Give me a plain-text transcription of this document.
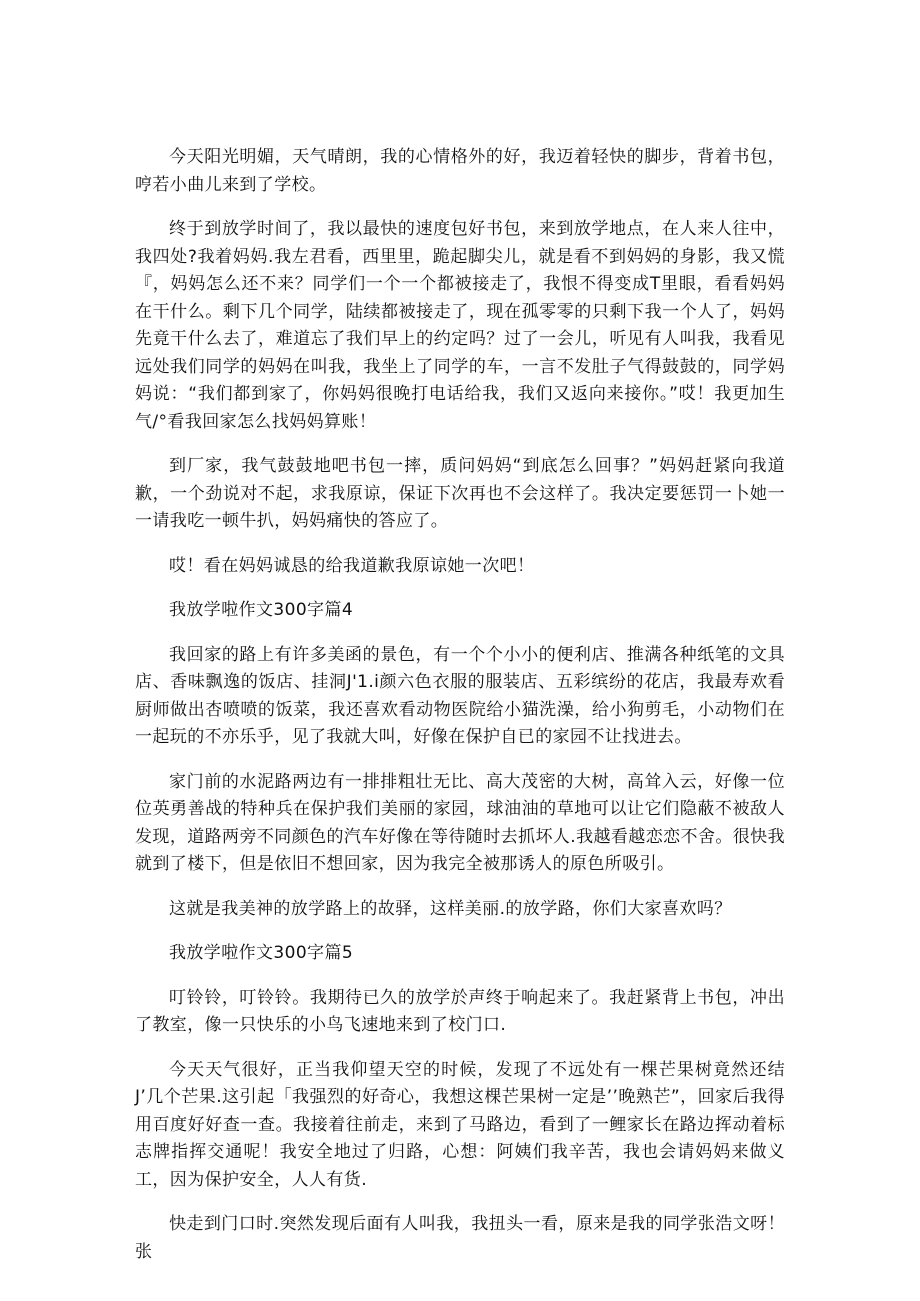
今天阳光明媚，天气晴朗，我的心情格外的好，我迈着轻快的脚步，背着书包，哼若小曲儿来到了学校。

终于到放学时间了，我以最快的速度包好书包，来到放学地点，在人来人往中，我四处?我着妈妈.我左君看，西里里，跪起脚尖儿，就是看不到妈妈的身影，我又慌『，妈妈怎么还不来？同学们一个一个都被接走了，我恨不得变成T里眼，看看妈妈在干什么。剩下几个同学，陆续都被接走了，现在孤零零的只剩下我一个人了，妈妈先竟干什么去了，难道忘了我们早上的约定吗？过了一会儿，听见有人叫我，我看见远处我们同学的妈妈在叫我，我坐上了同学的车，一言不发肚子气得鼓鼓的，同学妈妈说：“我们都到家了，你妈妈很晚打电话给我，我们又返向来接你。”哎！我更加生气/°看我回家怎么找妈妈算账！

到厂家，我气鼓鼓地吧书包一摔，质问妈妈“到底怎么回事？”妈妈赶紧向我道歉，一个劲说对不起，求我原谅，保证下次再也不会这样了。我决定要惩罚一卜她一一请我吃一顿牛扒，妈妈痛快的答应了。

哎！看在妈妈诚恳的给我道歉我原谅她一次吧！

我放学啦作文300字篇4

我回家的路上有许多美函的景色，有一个个小小的便利店、推满各种纸笔的文具店、香味飘逸的饭店、挂洞J'1.i颜六色衣服的服装店、五彩缤纷的花店，我最寿欢看厨师做出杏喷喷的饭菜，我还喜欢看动物医院给小猫洗澡，给小狗剪毛，小动物们在一起玩的不亦乐乎，见了我就大叫，好像在保护自已的家园不让找进去。

家门前的水泥路两边有一排排粗壮无比、高大茂密的大树，高耸入云，好像一位位英勇善战的特种兵在保护我们美丽的家园，球油油的草地可以让它们隐蔽不被敌人发现，道路两旁不同颜色的汽车好像在等待随时去抓坏人.我越看越恋恋不舍。很快我就到了楼下，但是依旧不想回家，因为我完全被那诱人的原色所吸引。

这就是我美神的放学路上的故驿，这样美丽.的放学路，你们大家喜欢吗？

我放学啦作文300字篇5

叮铃铃，叮铃铃。我期待已久的放学於声终于响起来了。我赶紧背上书包，冲出了教室，像一只快乐的小鸟飞速地来到了校门口.

今天天气很好，正当我仰望天空的时候，发现了不远处有一棵芒果树竟然还结J’几个芒果.这引起「我强烈的好奇心，我想这棵芒果树一定是’’晚熟芒”，回家后我得用百度好好查一查。我接着往前走，来到了马路边，看到了一鲤家长在路边挥动着标志牌指挥交通呢！我安全地过了归路，心想：阿姨们我辛苦，我也会请妈妈来做义工，因为保护安全，人人有货.

快走到门口时.突然发现后面有人叫我，我扭头一看，原来是我的同学张浩文呀！张
